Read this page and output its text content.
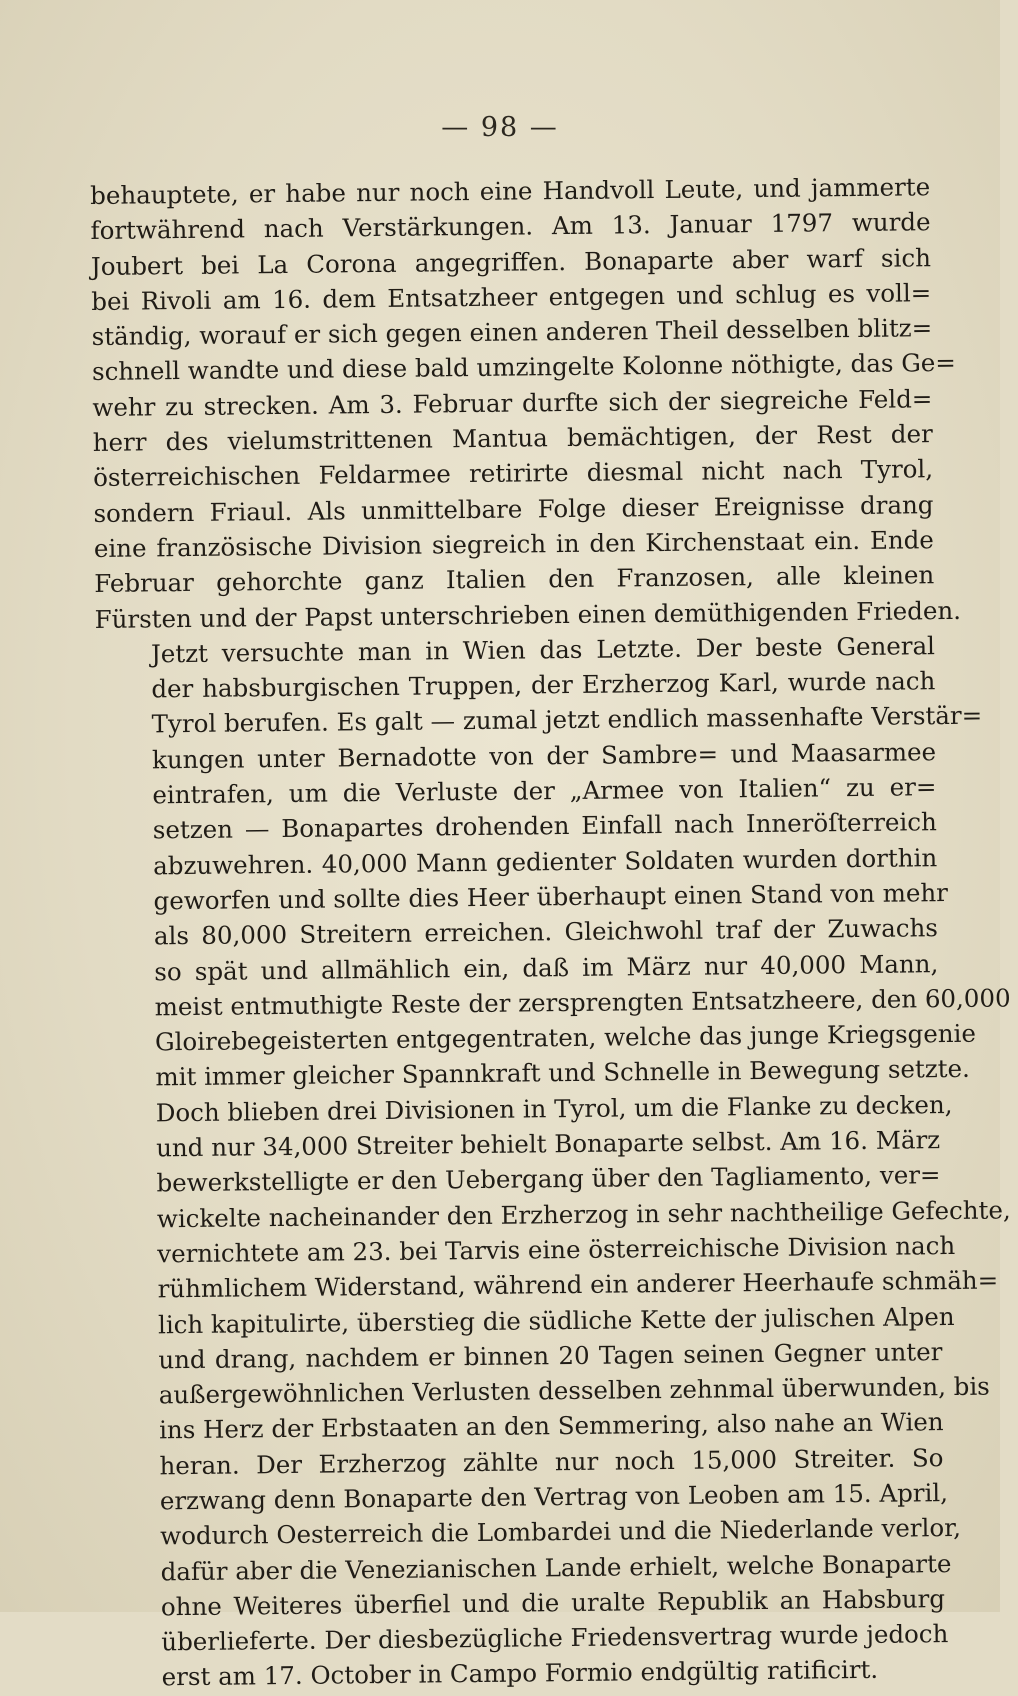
— 98 —

behauptete, er habe nur noch eine Handvoll Leute, und jammerte
fortwährend nach Verstärkungen. Am 13. Januar 1797 wurde
Joubert bei La Corona angegriffen. Bonaparte aber warf sich
bei Rivoli am 16. dem Entsatzheer entgegen und schlug es voll=
ständig, worauf er sich gegen einen anderen Theil desselben blitz=
schnell wandte und diese bald umzingelte Kolonne nöthigte, das Ge=
wehr zu strecken. Am 3. Februar durfte sich der siegreiche Feld=
herr des vielumstrittenen Mantua bemächtigen, der Rest der
österreichischen Feldarmee retirirte diesmal nicht nach Tyrol,
sondern Friaul. Als unmittelbare Folge dieser Ereignisse drang
eine französische Division siegreich in den Kirchenstaat ein. Ende
Februar gehorchte ganz Italien den Franzosen, alle kleinen
Fürsten und der Papst unterschrieben einen demüthigenden Frieden.

Jetzt versuchte man in Wien das Letzte. Der beste General
der habsburgischen Truppen, der Erzherzog Karl, wurde nach
Tyrol berufen. Es galt — zumal jetzt endlich massenhafte Verstär=
kungen unter Bernadotte von der Sambre= und Maasarmee
eintrafen, um die Verluste der „Armee von Italien“ zu er=
setzen — Bonapartes drohenden Einfall nach Inneröſterreich
abzuwehren. 40,000 Mann gedienter Soldaten wurden dorthin
geworfen und sollte dies Heer überhaupt einen Stand von mehr
als 80,000 Streitern erreichen. Gleichwohl traf der Zuwachs
so spät und allmählich ein, daß im März nur 40,000 Mann,
meist entmuthigte Reste der zersprengten Entsatzheere, den 60,000
Gloirebegeisterten entgegentraten, welche das junge Kriegsgenie
mit immer gleicher Spannkraft und Schnelle in Bewegung setzte.
Doch blieben drei Divisionen in Tyrol, um die Flanke zu decken,
und nur 34,000 Streiter behielt Bonaparte selbst. Am 16. März
bewerkstelligte er den Uebergang über den Tagliamento, ver=
wickelte nacheinander den Erzherzog in sehr nachtheilige Gefechte,
vernichtete am 23. bei Tarvis eine österreichische Division nach
rühmlichem Widerstand, während ein anderer Heerhaufe schmäh=
lich kapitulirte, überstieg die südliche Kette der julischen Alpen
und drang, nachdem er binnen 20 Tagen seinen Gegner unter
außergewöhnlichen Verlusten desselben zehnmal überwunden, bis
ins Herz der Erbstaaten an den Semmering, also nahe an Wien
heran. Der Erzherzog zählte nur noch 15,000 Streiter. So
erzwang denn Bonaparte den Vertrag von Leoben am 15. April,
wodurch Oesterreich die Lombardei und die Niederlande verlor,
dafür aber die Venezianischen Lande erhielt, welche Bonaparte
ohne Weiteres überfiel und die uralte Republik an Habsburg
überlieferte. Der diesbezügliche Friedensvertrag wurde jedoch
erst am 17. October in Campo Formio endgültig ratificirt.
